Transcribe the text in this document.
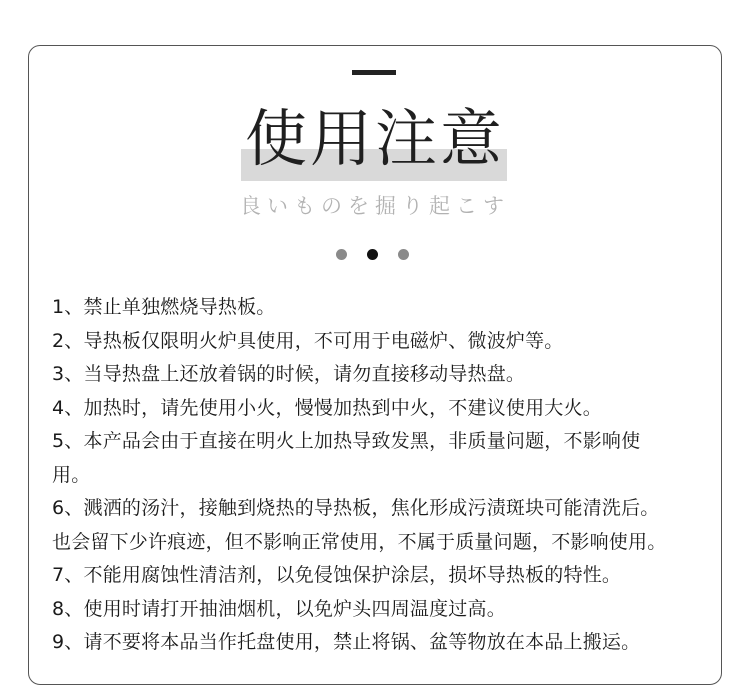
使用注意
良いものを掘り起こす
1、禁止单独燃烧导热板。
2、导热板仅限明火炉具使用，不可用于电磁炉、微波炉等。
3、当导热盘上还放着锅的时候，请勿直接移动导热盘。
4、加热时，请先使用小火，慢慢加热到中火，不建议使用大火。
5、本产品会由于直接在明火上加热导致发黑，非质量问题，不影响使
用。
6、溅洒的汤汁，接触到烧热的导热板，焦化形成污渍斑块可能清洗后。
也会留下少许痕迹，但不影响正常使用，不属于质量问题，不影响使用。
7、不能用腐蚀性清洁剂，以免侵蚀保护涂层，损坏导热板的特性。
8、使用时请打开抽油烟机，以免炉头四周温度过高。
9、请不要将本品当作托盘使用，禁止将锅、盆等物放在本品上搬运。
